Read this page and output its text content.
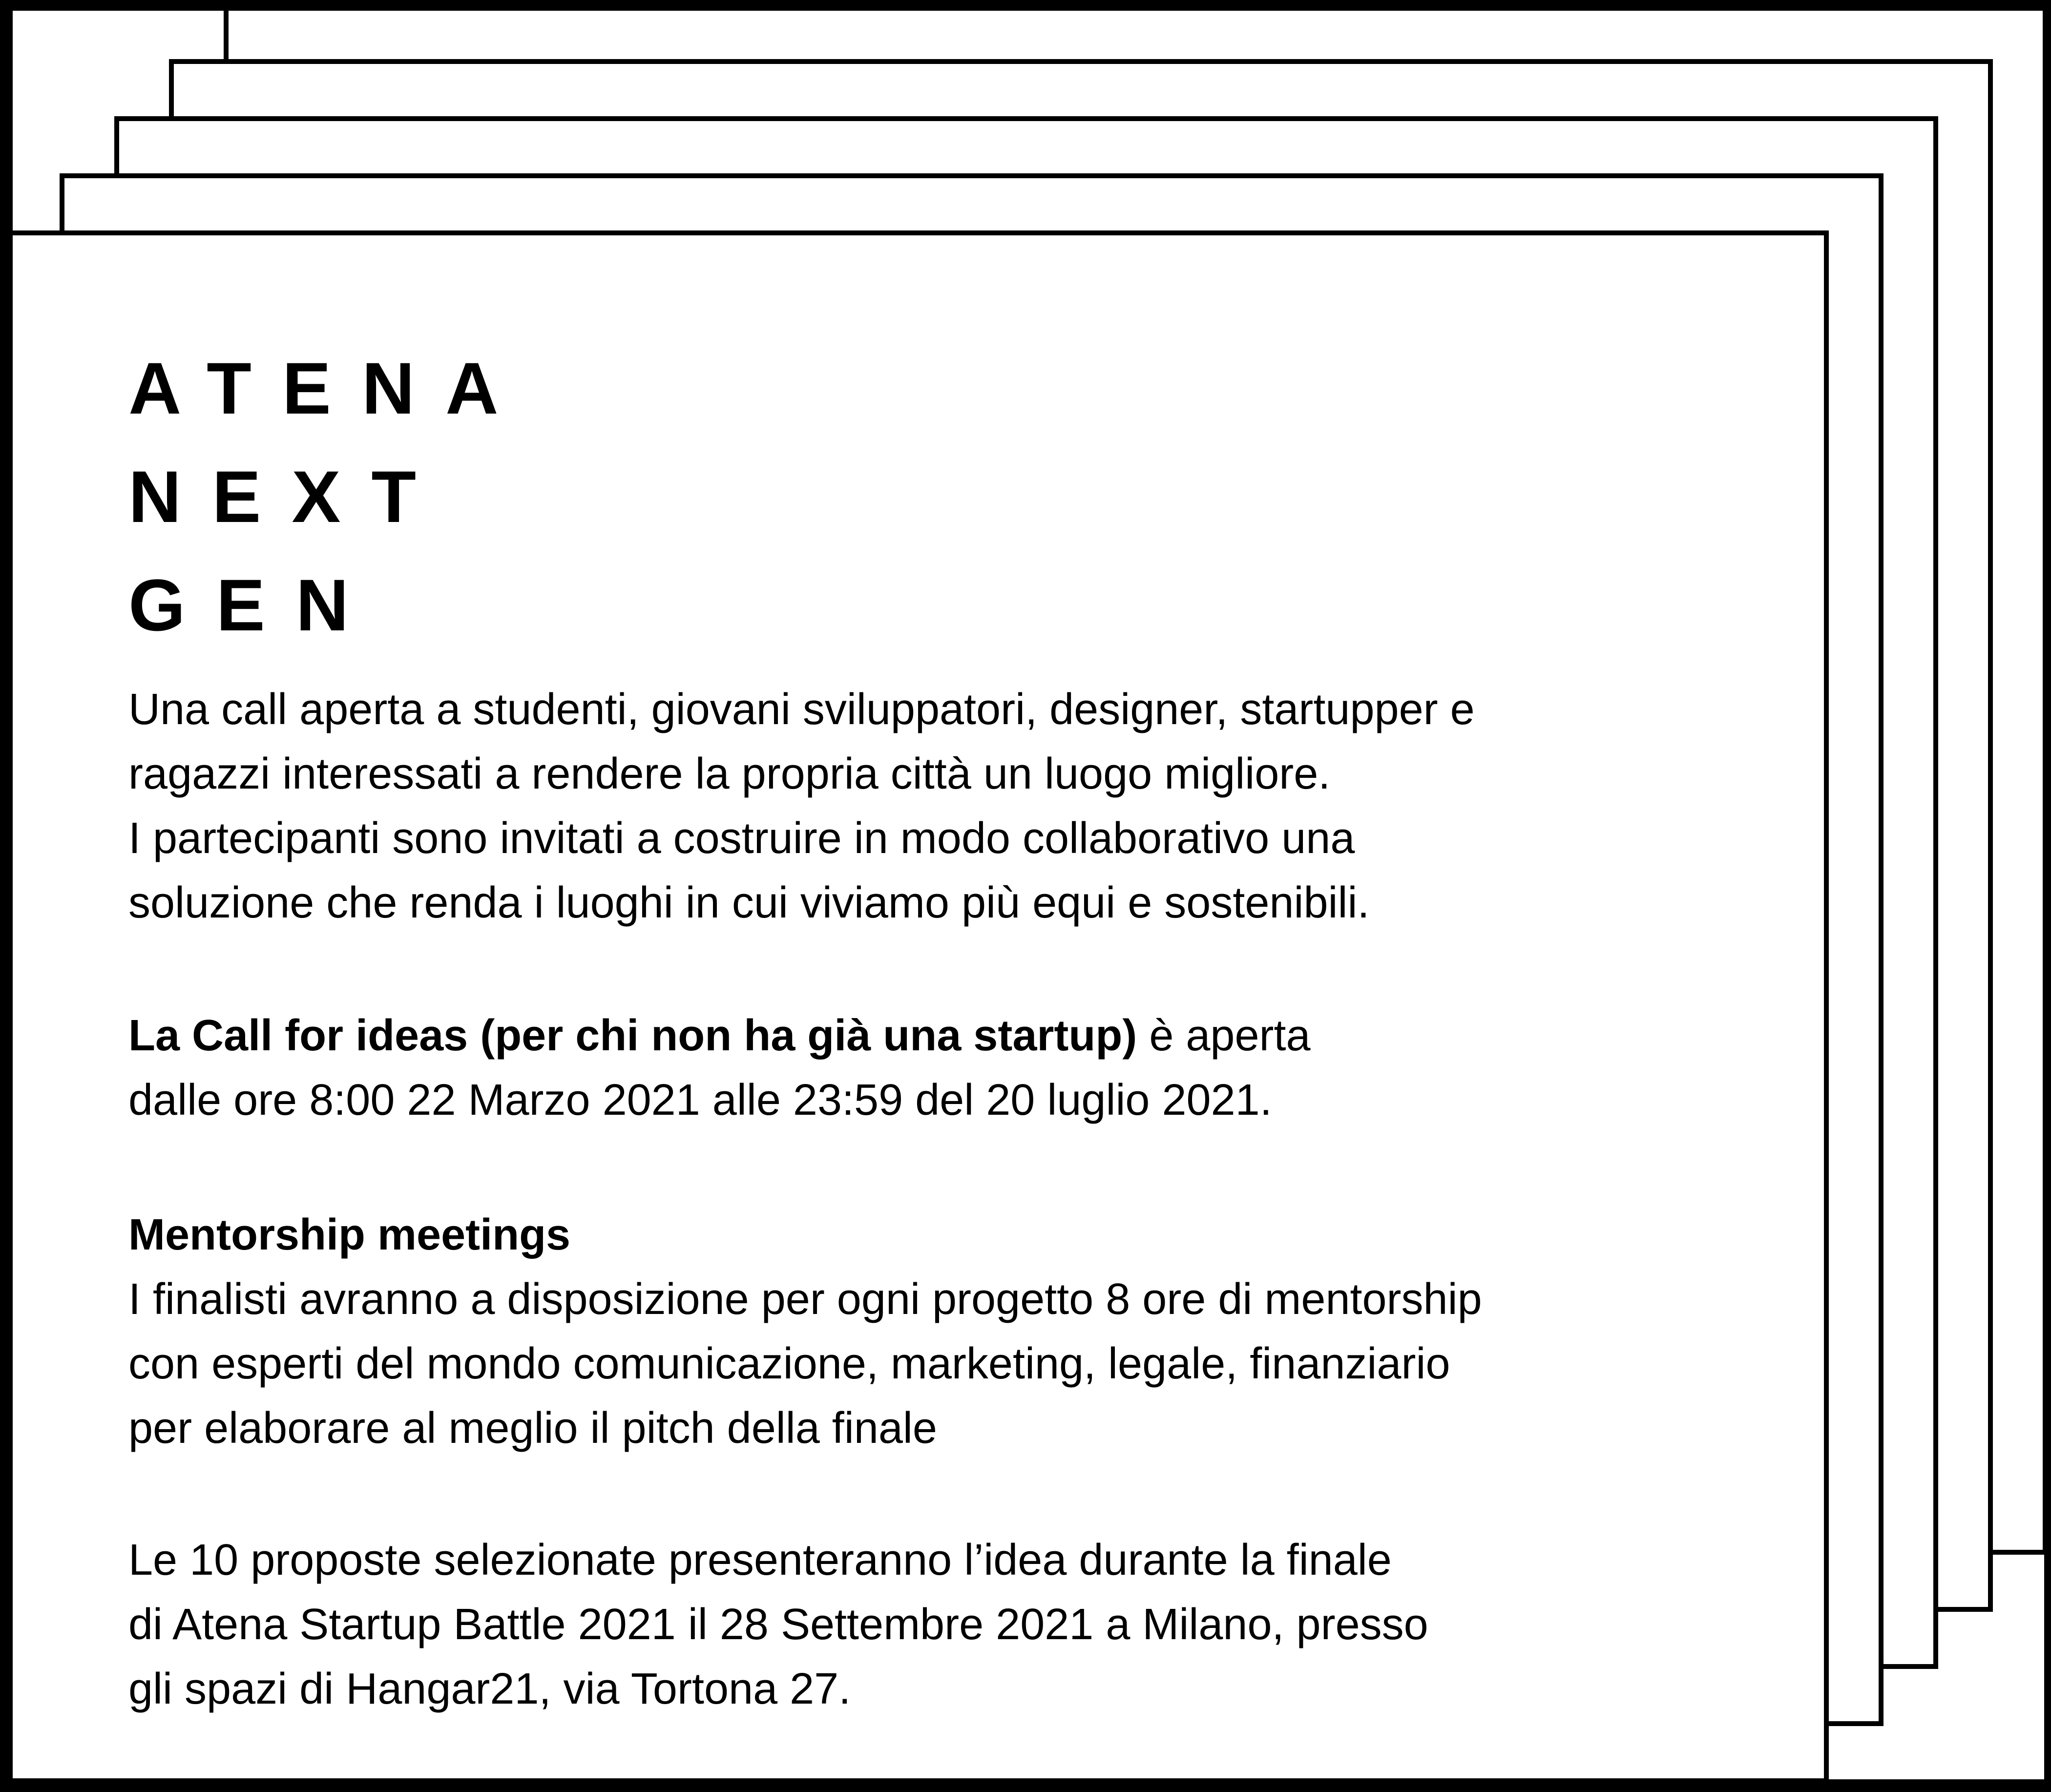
ATENA
NEXT
GEN
Una call aperta a studenti, giovani sviluppatori, designer, startupper e
ragazzi interessati a rendere la propria città un luogo migliore.
I partecipanti sono invitati a costruire in modo collaborativo una
soluzione che renda i luoghi in cui viviamo più equi e sostenibili.
La Call for ideas (per chi non ha già una startup) è aperta
dalle ore 8:00 22 Marzo 2021 alle 23:59 del 20 luglio 2021.
Mentorship meetings
I finalisti avranno a disposizione per ogni progetto 8 ore di mentorship
con esperti del mondo comunicazione, marketing, legale, finanziario
per elaborare al meglio il pitch della finale
Le 10 proposte selezionate presenteranno l’idea durante la finale
di Atena Startup Battle 2021 il 28 Settembre 2021 a Milano, presso
gli spazi di Hangar21, via Tortona 27.
